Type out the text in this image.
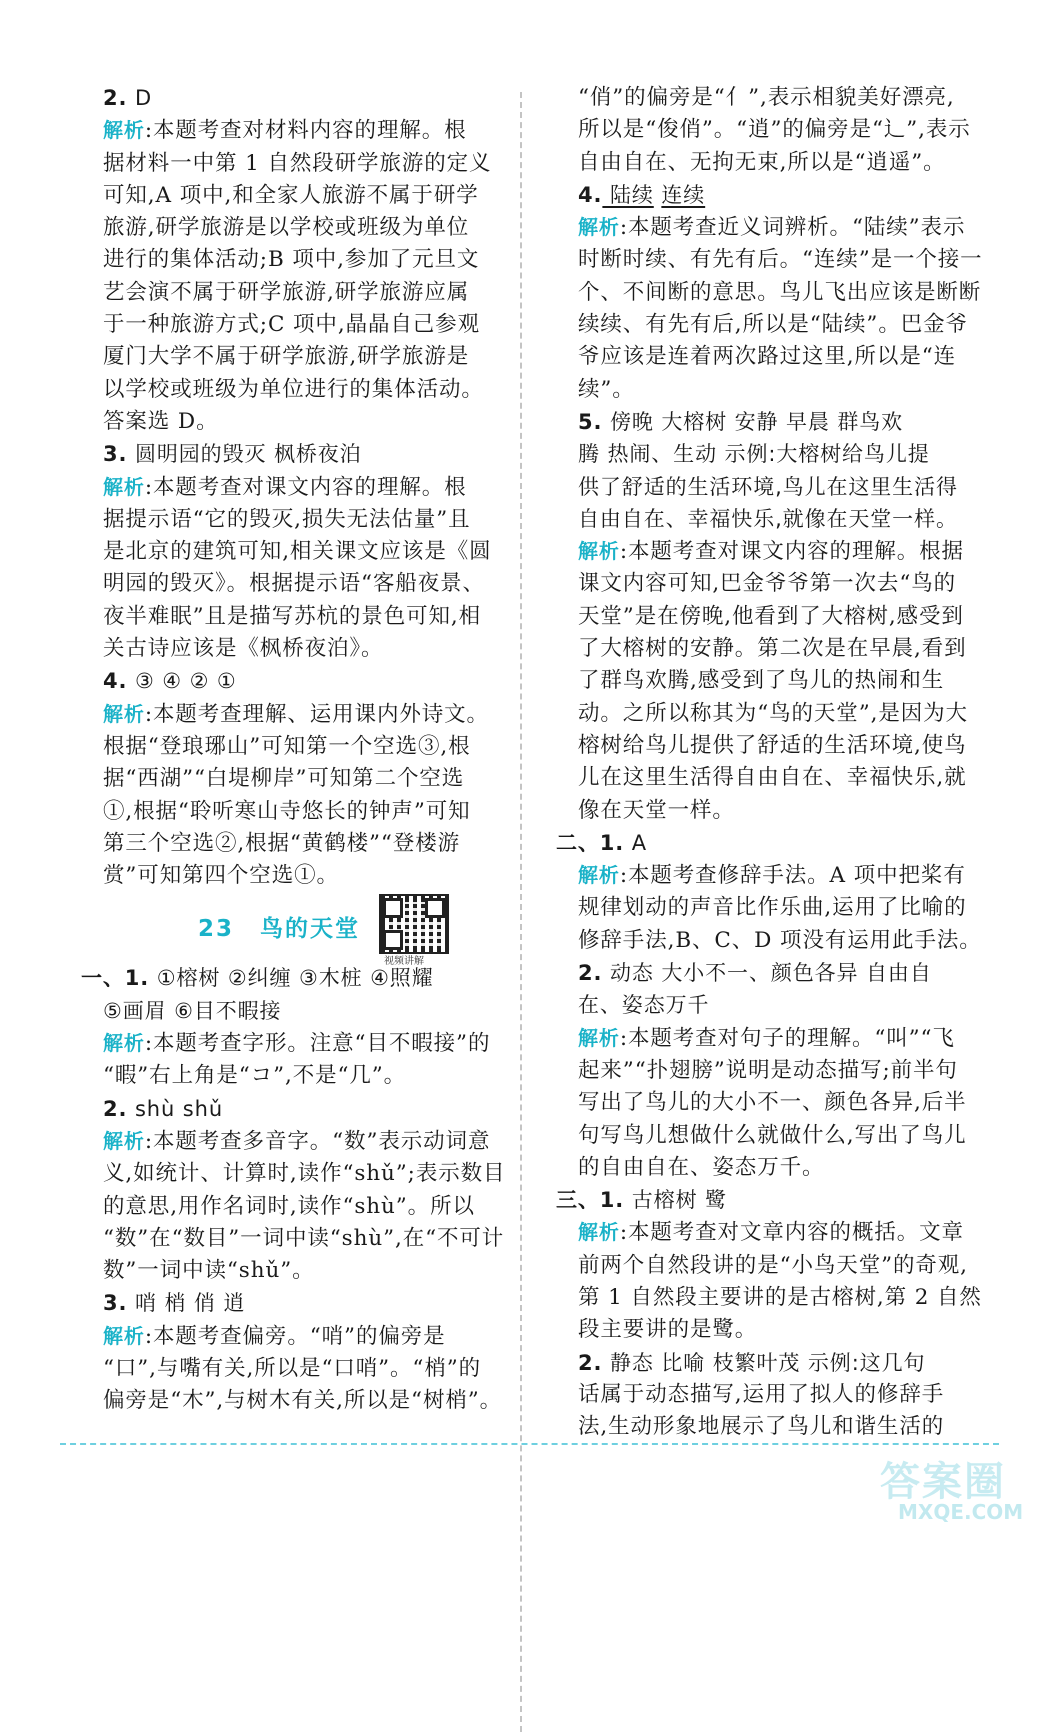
2. D
解析:本题考查对材料内容的理解。根
据材料一中第 1 自然段研学旅游的定义
可知,A 项中,和全家人旅游不属于研学
旅游,研学旅游是以学校或班级为单位
进行的集体活动;B 项中,参加了元旦文
艺会演不属于研学旅游,研学旅游应属
于一种旅游方式;C 项中,晶晶自己参观
厦门大学不属于研学旅游,研学旅游是
以学校或班级为单位进行的集体活动。
答案选 D。
3. 圆明园的毁灭 枫桥夜泊
解析:本题考查对课文内容的理解。根
据提示语“它的毁灭,损失无法估量”且
是北京的建筑可知,相关课文应该是《圆
明园的毁灭》。根据提示语“客船夜景、
夜半难眠”且是描写苏杭的景色可知,相
关古诗应该是《枫桥夜泊》。
4. ③ ④ ② ①
解析:本题考查理解、运用课内外诗文。
根据“登琅琊山”可知第一个空选③,根
据“西湖”“白堤柳岸”可知第二个空选
①,根据“聆听寒山寺悠长的钟声”可知
第三个空选②,根据“黄鹤楼”“登楼游
赏”可知第四个空选①。
23 鸟的天堂
视频讲解
一、1. ①榕树 ②纠缠 ③木桩 ④照耀
⑤画眉 ⑥目不暇接
解析:本题考查字形。注意“目不暇接”的
“暇”右上角是“コ”,不是“几”。
2. shù shǔ
解析:本题考查多音字。“数”表示动词意
义,如统计、计算时,读作“shǔ”;表示数目
的意思,用作名词时,读作“shù”。所以
“数”在“数目”一词中读“shù”,在“不可计
数”一词中读“shǔ”。
3. 哨 梢 俏 逍
解析:本题考查偏旁。“哨”的偏旁是
“口”,与嘴有关,所以是“口哨”。“梢”的
偏旁是“木”,与树木有关,所以是“树梢”。
“俏”的偏旁是“亻”,表示相貌美好漂亮,
所以是“俊俏”。“逍”的偏旁是“辶”,表示
自由自在、无拘无束,所以是“逍遥”。
4. 陆续 连续
解析:本题考查近义词辨析。“陆续”表示
时断时续、有先有后。“连续”是一个接一
个、不间断的意思。鸟儿飞出应该是断断
续续、有先有后,所以是“陆续”。巴金爷
爷应该是连着两次路过这里,所以是“连
续”。
5. 傍晚 大榕树 安静 早晨 群鸟欢
腾 热闹、生动 示例:大榕树给鸟儿提
供了舒适的生活环境,鸟儿在这里生活得
自由自在、幸福快乐,就像在天堂一样。
解析:本题考查对课文内容的理解。根据
课文内容可知,巴金爷爷第一次去“鸟的
天堂”是在傍晚,他看到了大榕树,感受到
了大榕树的安静。第二次是在早晨,看到
了群鸟欢腾,感受到了鸟儿的热闹和生
动。之所以称其为“鸟的天堂”,是因为大
榕树给鸟儿提供了舒适的生活环境,使鸟
儿在这里生活得自由自在、幸福快乐,就
像在天堂一样。
二、1. A
解析:本题考查修辞手法。A 项中把桨有
规律划动的声音比作乐曲,运用了比喻的
修辞手法,B、C、D 项没有运用此手法。
2. 动态 大小不一、颜色各异 自由自
在、姿态万千
解析:本题考查对句子的理解。“叫”“飞
起来”“扑翅膀”说明是动态描写;前半句
写出了鸟儿的大小不一、颜色各异,后半
句写鸟儿想做什么就做什么,写出了鸟儿
的自由自在、姿态万千。
三、1. 古榕树 鹭
解析:本题考查对文章内容的概括。文章
前两个自然段讲的是“小鸟天堂”的奇观,
第 1 自然段主要讲的是古榕树,第 2 自然
段主要讲的是鹭。
2. 静态 比喻 枝繁叶茂 示例:这几句
话属于动态描写,运用了拟人的修辞手
法,生动形象地展示了鸟儿和谐生活的
答案圈
MXQE.COM
